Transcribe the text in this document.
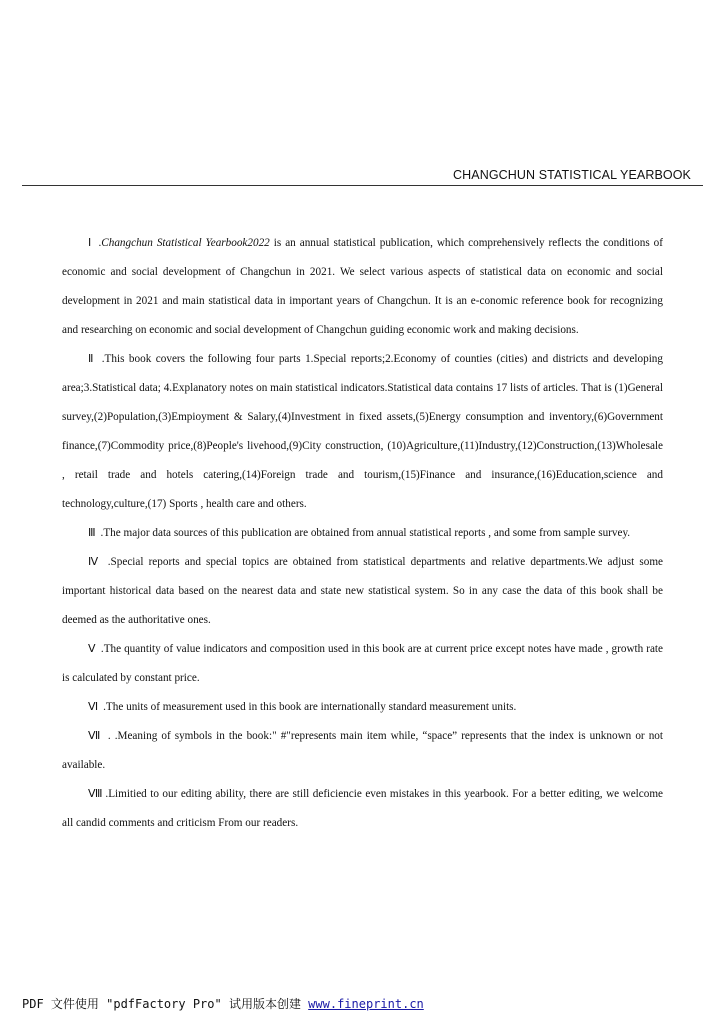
CHANGCHUN STATISTICAL YEARBOOK

Ⅰ .Changchun Statistical Yearbook2022 is an annual statistical publication, which comprehensively reflects the conditions of economic and social development of Changchun in 2021. We select various aspects of statistical data on economic and social development in 2021 and main statistical data in important years of Changchun. It is an e-conomic reference book for recognizing and researching on economic and social development of Changchun guiding economic work and making decisions.

Ⅱ .This book covers the following four parts 1.Special reports;2.Economy of counties (cities) and districts and developing area;3.Statistical data; 4.Explanatory notes on main statistical indicators.Statistical data contains 17 lists of articles. That is (1)General survey,(2)Population,(3)Empioyment & Salary,(4)Investment in fixed assets,(5)Energy consumption and inventory,(6)Government finance,(7)Commodity price,(8)People's livehood,(9)City construction, (10)Agriculture,(11)Industry,(12)Construction,(13)Wholesale , retail trade and hotels catering,(14)Foreign trade and tourism,(15)Finance and insurance,(16)Education,science and technology,culture,(17) Sports , health care and others.

Ⅲ .The major data sources of this publication are obtained from annual statistical reports , and some from sample survey.

Ⅳ .Special reports and special topics are obtained from statistical departments and relative departments.We adjust some important historical data based on the nearest data and state new statistical system. So in any case the data of this book shall be deemed as the authoritative ones.

Ⅴ .The quantity of value indicators and composition used in this book are at current price except notes have made , growth rate is calculated by constant price.

Ⅵ .The units of measurement used in this book are internationally standard measurement units.

Ⅶ . .Meaning of symbols in the book:" #"represents main item while, “space” represents that the index is unknown or not available.

Ⅷ .Limitied to our editing ability, there are still deficiencie even mistakes in this yearbook. For a better editing, we welcome all candid comments and criticism From our readers.

PDF 文件使用 "pdfFactory Pro" 试用版本创建 www.fineprint.cn
